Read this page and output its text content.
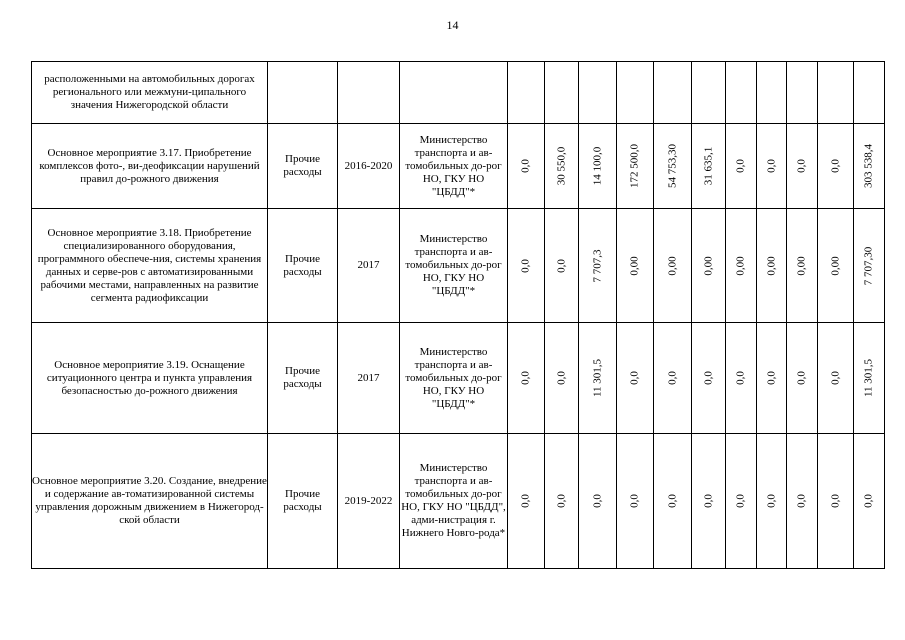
14
расположенными на автомобильных дорогах регионального или межмуни-ципального значения Нижегородской области				

Основное мероприятие 3.17. Приобретение комплексов фото-, ви-деофиксации нарушений правил до-рожного движения	Прочие расходы	2016-2020	Министерство транспорта и ав-томобильных до-рог НО, ГКУ НО "ЦБДД"*	0,0	30 550,0	14 100,0	172 500,0	54 753,30	31 635,1	0,0	0,0	0,0	0,0	303 538,4

Основное мероприятие 3.18. Приобретение специализированного оборудования, программного обеспече-ния, системы хранения данных и серве-ров с автоматизированными рабочими местами, направленных на развитие сегмента радиофиксации	Прочие расходы	2017	Министерство транспорта и ав-томобильных до-рог НО, ГКУ НО "ЦБДД"*	0,0	0,0	7 707,3	0,00	0,00	0,00	0,00	0,00	0,00	0,00	7 707,30

Основное мероприятие 3.19. Оснащение ситуационного центра и пункта управления безопасностью до-рожного движения	Прочие расходы	2017	Министерство транспорта и ав-томобильных до-рог НО, ГКУ НО "ЦБДД"*	0,0	0,0	11 301,5	0,0	0,0	0,0	0,0	0,0	0,0	0,0	11 301,5

Основное мероприятие 3.20. Создание, внедрение и содержание ав-томатизированной системы управления дорожным движением в Нижегород-ской области	Прочие расходы	2019-2022	Министерство транспорта и ав-томобильных до-рог НО, ГКУ НО "ЦБДД", адми-нистрация г. Нижнего Новго-рода*	0,0	0,0	0,0	0,0	0,0	0,0	0,0	0,0	0,0	0,0	0,0
